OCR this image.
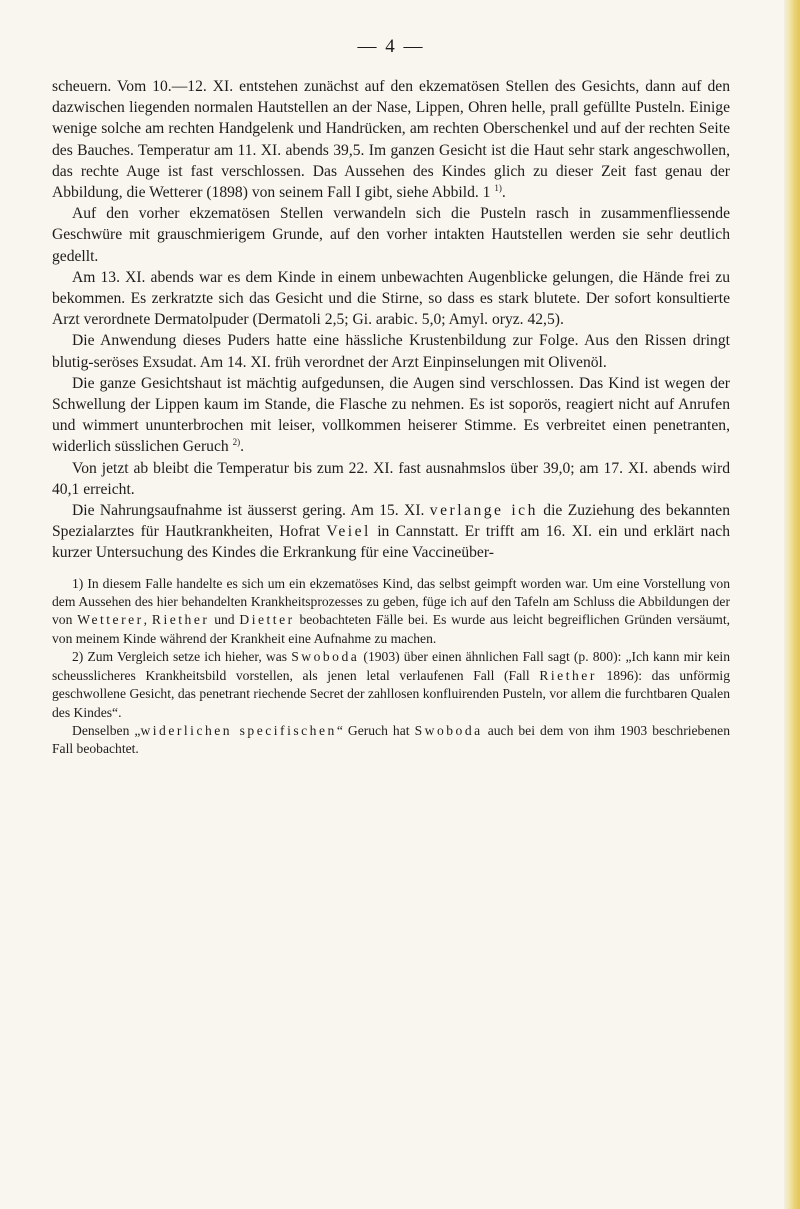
— 4 —

scheuern. Vom 10.—12. XI. entstehen zunächst auf den ekzematösen Stellen des Gesichts, dann auf den dazwischen liegenden normalen Hautstellen an der Nase, Lippen, Ohren helle, prall gefüllte Pusteln. Einige wenige solche am rechten Handgelenk und Handrücken, am rechten Oberschenkel und auf der rechten Seite des Bauches. Temperatur am 11. XI. abends 39,5. Im ganzen Gesicht ist die Haut sehr stark angeschwollen, das rechte Auge ist fast verschlossen. Das Aussehen des Kindes glich zu dieser Zeit fast genau der Abbildung, die Wetterer (1898) von seinem Fall I gibt, siehe Abbild. 1 $^{1)}$.

Auf den vorher ekzematösen Stellen verwandeln sich die Pusteln rasch in zusammenfliessende Geschwüre mit grauschmierigem Grunde, auf den vorher intakten Hautstellen werden sie sehr deutlich gedellt.

Am 13. XI. abends war es dem Kinde in einem unbewachten Augenblicke gelungen, die Hände frei zu bekommen. Es zerkratzte sich das Gesicht und die Stirne, so dass es stark blutete. Der sofort konsultierte Arzt verordnete Dermatolpuder (Dermatoli 2,5; Gi. arabic. 5,0; Amyl. oryz. 42,5).

Die Anwendung dieses Puders hatte eine hässliche Krustenbildung zur Folge. Aus den Rissen dringt blutig-seröses Exsudat. Am 14. XI. früh verordnet der Arzt Einpinselungen mit Olivenöl.

Die ganze Gesichtshaut ist mächtig aufgedunsen, die Augen sind verschlossen. Das Kind ist wegen der Schwellung der Lippen kaum im Stande, die Flasche zu nehmen. Es ist soporös, reagiert nicht auf Anrufen und wimmert ununterbrochen mit leiser, vollkommen heiserer Stimme. Es verbreitet einen penetranten, widerlich süsslichen Geruch $^{2)}$.

Von jetzt ab bleibt die Temperatur bis zum 22. XI. fast ausnahmslos über 39,0; am 17. XI. abends wird 40,1 erreicht.

Die Nahrungsaufnahme ist äusserst gering. Am 15. XI. verlange ich die Zuziehung des bekannten Spezialarztes für Hautkrankheiten, Hofrat Veiel in Cannstatt. Er trifft am 16. XI. ein und erklärt nach kurzer Untersuchung des Kindes die Erkrankung für eine Vaccineüber-

1) In diesem Falle handelte es sich um ein ekzematöses Kind, das selbst geimpft worden war. Um eine Vorstellung von dem Aussehen des hier behandelten Krankheitsprozesses zu geben, füge ich auf den Tafeln am Schluss die Abbildungen der von Wetterer, Riether und Dietter beobachteten Fälle bei. Es wurde aus leicht begreiflichen Gründen versäumt, von meinem Kinde während der Krankheit eine Aufnahme zu machen.

2) Zum Vergleich setze ich hieher, was Swoboda (1903) über einen ähnlichen Fall sagt (p. 800): „Ich kann mir kein scheusslicheres Krankheitsbild vorstellen, als jenen letal verlaufenen Fall (Fall Riether 1896): das unförmig geschwollene Gesicht, das penetrant riechende Secret der zahllosen konfluirenden Pusteln, vor allem die furchtbaren Qualen des Kindes“.

Denselben „widerlichen specifischen“ Geruch hat Swoboda auch bei dem von ihm 1903 beschriebenen Fall beobachtet.
